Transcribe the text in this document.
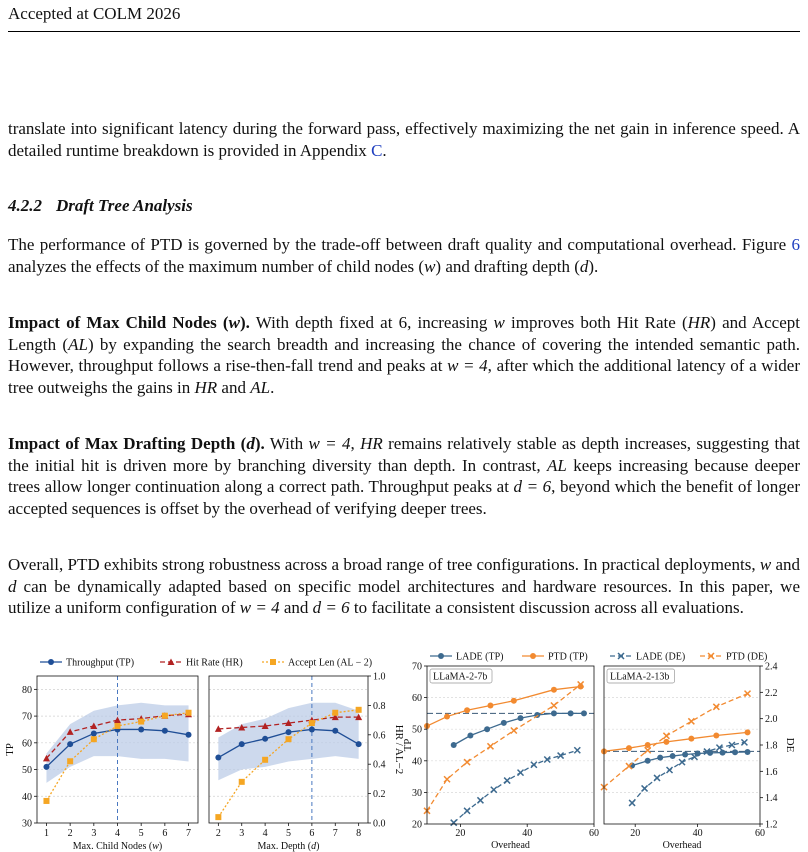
Accepted at COLM 2026
translate into significant latency during the forward pass, effectively maximizing the net gain in inference speed. A detailed runtime breakdown is provided in Appendix C.
4.2.2 Draft Tree Analysis
The performance of PTD is governed by the trade-off between draft quality and computational overhead. Figure 6 analyzes the effects of the maximum number of child nodes (w) and drafting depth (d).
Impact of Max Child Nodes (w). With depth fixed at 6, increasing w improves both Hit Rate (HR) and Accept Length (AL) by expanding the search breadth and increasing the chance of covering the intended semantic path. However, throughput follows a rise-then-fall trend and peaks at w = 4, after which the additional latency of a wider tree outweighs the gains in HR and AL.
Impact of Max Drafting Depth (d). With w = 4, HR remains relatively stable as depth increases, suggesting that the initial hit is driven more by branching diversity than depth. In contrast, AL keeps increasing because deeper trees allow longer continuation along a correct path. Throughput peaks at d = 6, beyond which the benefit of longer accepted sequences is offset by the overhead of verifying deeper trees.
Overall, PTD exhibits strong robustness across a broad range of tree configurations. In practical deployments, w and d can be dynamically adapted based on specific model architectures and hardware resources. In this paper, we utilize a uniform configuration of w = 4 and d = 6 to facilitate a consistent discussion across all evaluations.
1 2 3 4 5 6 7
Max. Child Nodes (w)
2 3 4 5 6 7 8
Max. Depth (d)
30
40
50
60
70
80
TP
0.0
0.2
0.4
0.6
0.8
1.0
HR / AL−2
Throughput (TP)	Hit Rate (HR)	Accept Len (AL − 2)
LLaMA-2-7b
20	40	60
Overhead
LLaMA-2-13b
20	40	60
Overhead
20
30
40
50
60
70
TP
1.2
1.4
1.6
1.8
2.0
2.2
2.4
DE
LADE (TP)	PTD (TP)	LADE (DE)	PTD (DE)
